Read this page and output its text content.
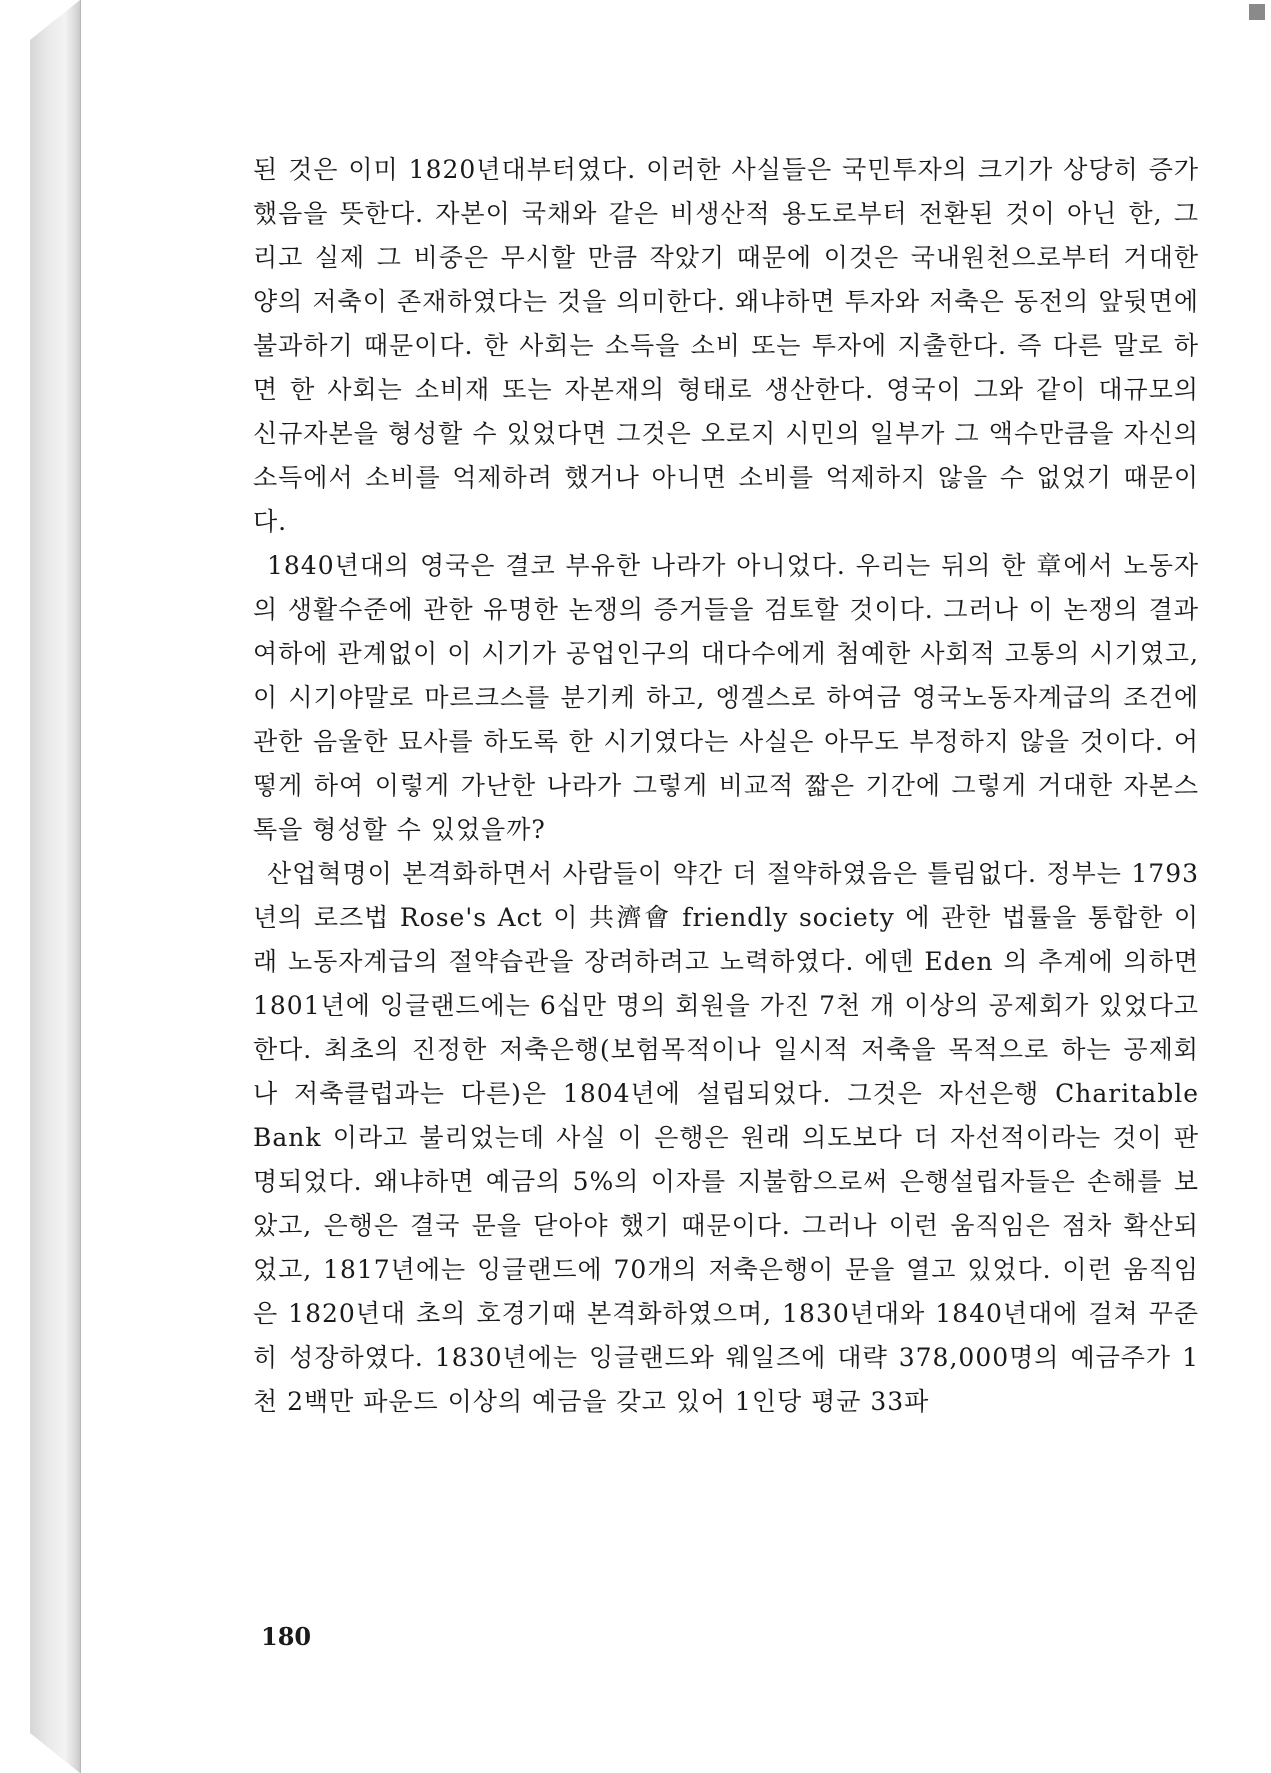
된 것은 이미 1820년대부터였다. 이러한 사실들은 국민투자의 크기가 상당히 증가했음을 뜻한다. 자본이 국채와 같은 비생산적 용도로부터 전환된 것이 아닌 한, 그리고 실제 그 비중은 무시할 만큼 작았기 때문에 이것은 국내원천으로부터 거대한 양의 저축이 존재하였다는 것을 의미한다. 왜냐하면 투자와 저축은 동전의 앞뒷면에 불과하기 때문이다. 한 사회는 소득을 소비 또는 투자에 지출한다. 즉 다른 말로 하면 한 사회는 소비재 또는 자본재의 형태로 생산한다. 영국이 그와 같이 대규모의 신규자본을 형성할 수 있었다면 그것은 오로지 시민의 일부가 그 액수만큼을 자신의 소득에서 소비를 억제하려 했거나 아니면 소비를 억제하지 않을 수 없었기 때문이다.

1840년대의 영국은 결코 부유한 나라가 아니었다. 우리는 뒤의 한 章에서 노동자의 생활수준에 관한 유명한 논쟁의 증거들을 검토할 것이다. 그러나 이 논쟁의 결과 여하에 관계없이 이 시기가 공업인구의 대다수에게 첨예한 사회적 고통의 시기였고, 이 시기야말로 마르크스를 분기케 하고, 엥겔스로 하여금 영국노동자계급의 조건에 관한 음울한 묘사를 하도록 한 시기였다는 사실은 아무도 부정하지 않을 것이다. 어떻게 하여 이렇게 가난한 나라가 그렇게 비교적 짧은 기간에 그렇게 거대한 자본스톡을 형성할 수 있었을까?

산업혁명이 본격화하면서 사람들이 약간 더 절약하였음은 틀림없다. 정부는 1793년의 로즈법 Rose's Act 이 共濟會 friendly society 에 관한 법률을 통합한 이래 노동자계급의 절약습관을 장려하려고 노력하였다. 에덴 Eden 의 추계에 의하면 1801년에 잉글랜드에는 6십만 명의 회원을 가진 7천 개 이상의 공제회가 있었다고 한다. 최초의 진정한 저축은행(보험목적이나 일시적 저축을 목적으로 하는 공제회나 저축클럽과는 다른)은 1804년에 설립되었다. 그것은 자선은행 Charitable Bank 이라고 불리었는데 사실 이 은행은 원래 의도보다 더 자선적이라는 것이 판명되었다. 왜냐하면 예금의 5%의 이자를 지불함으로써 은행설립자들은 손해를 보았고, 은행은 결국 문을 닫아야 했기 때문이다. 그러나 이런 움직임은 점차 확산되었고, 1817년에는 잉글랜드에 70개의 저축은행이 문을 열고 있었다. 이런 움직임은 1820년대 초의 호경기때 본격화하였으며, 1830년대와 1840년대에 걸쳐 꾸준히 성장하였다. 1830년에는 잉글랜드와 웨일즈에 대략 378,000명의 예금주가 1천 2백만 파운드 이상의 예금을 갖고 있어 1인당 평균 33파

180
